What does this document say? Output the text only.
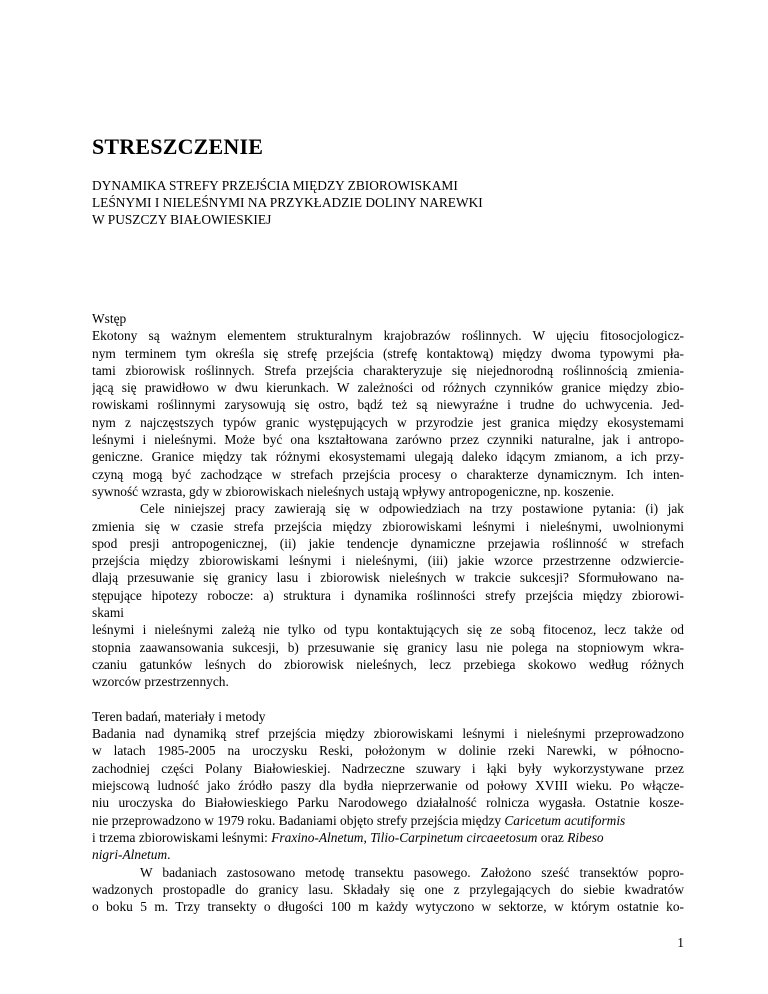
STRESZCZENIE
DYNAMIKA STREFY PRZEJŚCIA MIĘDZY ZBIOROWISKAMI
LEŚNYMI I NIELEŚNYMI NA PRZYKŁADZIE DOLINY NAREWKI
W PUSZCZY BIAŁOWIESKIEJ
Wstęp
Ekotony są ważnym elementem strukturalnym krajobrazów roślinnych. W ujęciu fitosocjologicz-
nym terminem tym określa się strefę przejścia (strefę kontaktową) między dwoma typowymi pła-
tami zbiorowisk roślinnych. Strefa przejścia charakteryzuje się niejednorodną roślinnością zmienia-
jącą się prawidłowo w dwu kierunkach. W zależności od różnych czynników granice między zbio-
rowiskami roślinnymi zarysowują się ostro, bądź też są niewyraźne i trudne do uchwycenia. Jed-
nym z najczęstszych typów granic występujących w przyrodzie jest granica między ekosystemami
leśnymi i nieleśnymi. Może być ona kształtowana zarówno przez czynniki naturalne, jak i antropo-
geniczne. Granice między tak różnymi ekosystemami ulegają daleko idącym zmianom, a ich przy-
czyną mogą być zachodzące w strefach przejścia procesy o charakterze dynamicznym. Ich inten-
sywność wzrasta, gdy w zbiorowiskach nieleśnych ustają wpływy antropogeniczne, np. koszenie.
Cele niniejszej pracy zawierają się w odpowiedziach na trzy postawione pytania: (i) jak
zmienia się w czasie strefa przejścia między zbiorowiskami leśnymi i nieleśnymi, uwolnionymi
spod presji antropogenicznej, (ii) jakie tendencje dynamiczne przejawia roślinność w strefach
przejścia między zbiorowiskami leśnymi i nieleśnymi, (iii) jakie wzorce przestrzenne odzwiercie-
dlają przesuwanie się granicy lasu i zbiorowisk nieleśnych w trakcie sukcesji? Sformułowano na-
stępujące hipotezy robocze: a) struktura i dynamika roślinności strefy przejścia między zbiorowi-
skami
leśnymi i nieleśnymi zależą nie tylko od typu kontaktujących się ze sobą fitocenoz, lecz także od
stopnia zaawansowania sukcesji, b) przesuwanie się granicy lasu nie polega na stopniowym wkra-
czaniu gatunków leśnych do zbiorowisk nieleśnych, lecz przebiega skokowo według różnych
wzorców przestrzennych.
Teren badań, materiały i metody
Badania nad dynamiką stref przejścia między zbiorowiskami leśnymi i nieleśnymi przeprowadzono
w latach 1985-2005 na uroczysku Reski, położonym w dolinie rzeki Narewki, w północno-
zachodniej części Polany Białowieskiej. Nadrzeczne szuwary i łąki były wykorzystywane przez
miejscową ludność jako źródło paszy dla bydła nieprzerwanie od połowy XVIII wieku. Po włącze-
niu uroczyska do Białowieskiego Parku Narodowego działalność rolnicza wygasła. Ostatnie kosze-
nie przeprowadzono w 1979 roku. Badaniami objęto strefy przejścia między Caricetum acutiformis
i trzema zbiorowiskami leśnymi: Fraxino-Alnetum, Tilio-Carpinetum circaeetosum oraz Ribeso
nigri-Alnetum.
W badaniach zastosowano metodę transektu pasowego. Założono sześć transektów popro-
wadzonych prostopadle do granicy lasu. Składały się one z przylegających do siebie kwadratów
o boku 5 m. Trzy transekty o długości 100 m każdy wytyczono w sektorze, w którym ostatnie ko-
1
